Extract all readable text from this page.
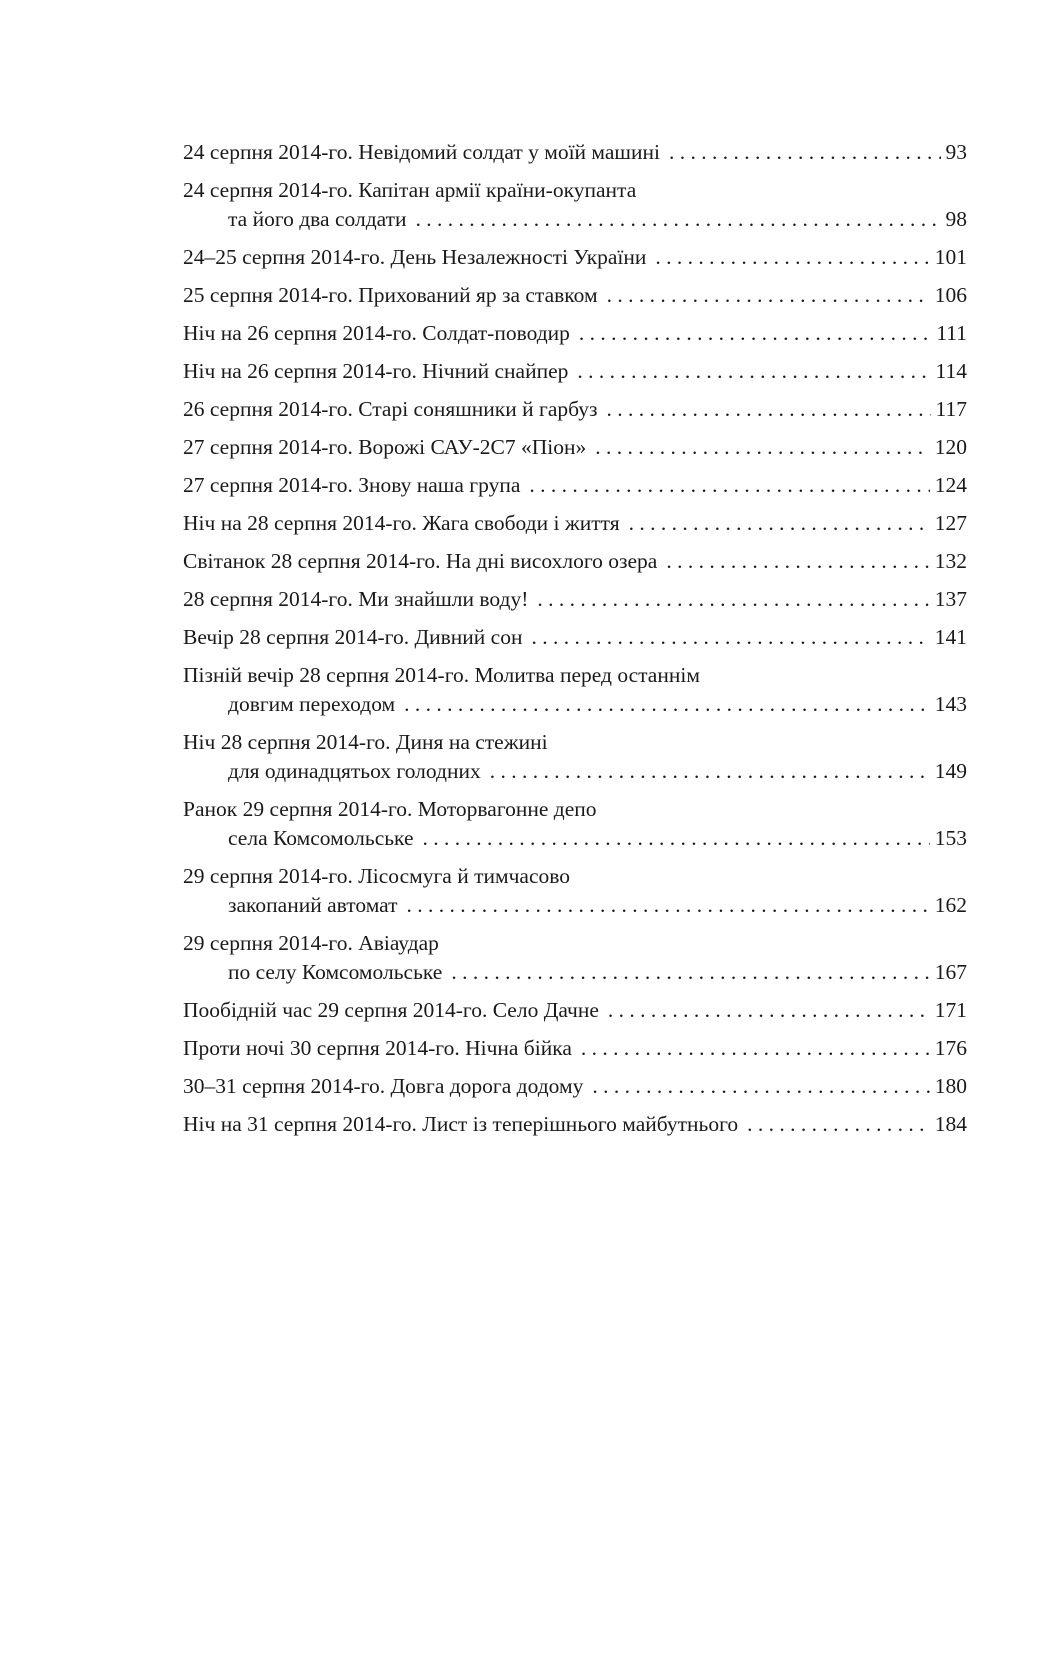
24 серпня 2014-го. Невідомий солдат у моїй машині . . .	93
24 серпня 2014-го. Капітан армії країни-окупанта
та його два солдати . . .	98
24–25 серпня 2014-го. День Незалежності України . . .	101
25 серпня 2014-го. Прихований яр за ставком . . .	106
Ніч на 26 серпня 2014-го. Солдат-поводир . . .	111
Ніч на 26 серпня 2014-го. Нічний снайпер . . .	114
26 серпня 2014-го. Старі соняшники й гарбуз . . .	117
27 серпня 2014-го. Ворожі САУ-2С7 «Піон» . . .	120
27 серпня 2014-го. Знову наша група . . .	124
Ніч на 28 серпня 2014-го. Жага свободи і життя . . .	127
Світанок 28 серпня 2014-го. На дні висохлого озера . . .	132
28 серпня 2014-го. Ми знайшли воду! . . .	137
Вечір 28 серпня 2014-го. Дивний сон . . .	141
Пізній вечір 28 серпня 2014-го. Молитва перед останнім
довгим переходом . . .	143
Ніч 28 серпня 2014-го. Диня на стежині
для одинадцятьох голодних . . .	149
Ранок 29 серпня 2014-го. Моторвагонне депо
села Комсомольське . . .	153
29 серпня 2014-го. Лісосмуга й тимчасово
закопаний автомат . . .	162
29 серпня 2014-го. Авіаудар
по селу Комсомольське . . .	167
Пообідній час 29 серпня 2014-го. Село Дачне . . .	171
Проти ночі 30 серпня 2014-го. Нічна бійка . . .	176
30–31 серпня 2014-го. Довга дорога додому . . .	180
Ніч на 31 серпня 2014-го. Лист із теперішнього майбутнього . . .	184
